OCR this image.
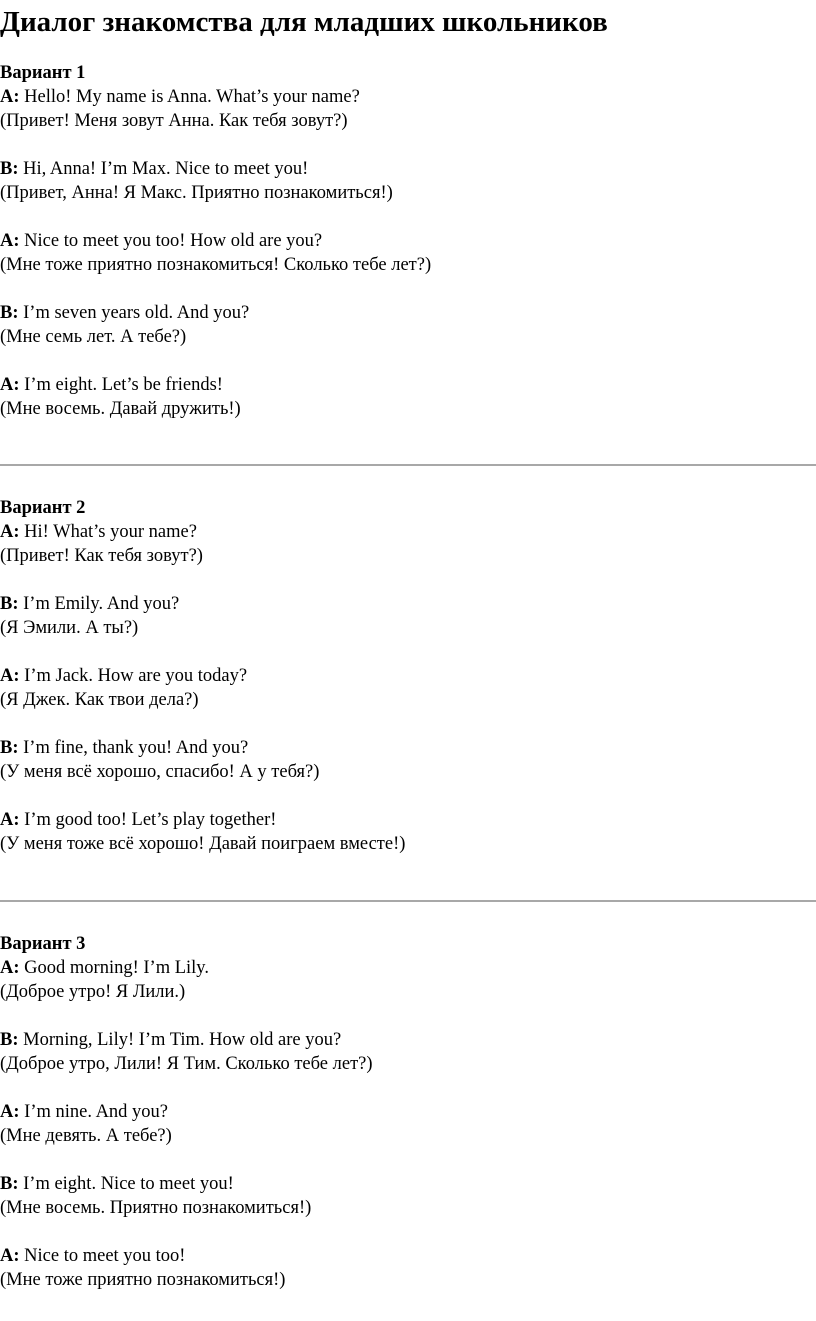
Диалог знакомства для младших школьников
Вариант 1
A: Hello! My name is Anna. What’s your name?
(Привет! Меня зовут Анна. Как тебя зовут?)
B: Hi, Anna! I’m Max. Nice to meet you!
(Привет, Анна! Я Макс. Приятно познакомиться!)
A: Nice to meet you too! How old are you?
(Мне тоже приятно познакомиться! Сколько тебе лет?)
B: I’m seven years old. And you?
(Мне семь лет. А тебе?)
A: I’m eight. Let’s be friends!
(Мне восемь. Давай дружить!)
Вариант 2
A: Hi! What’s your name?
(Привет! Как тебя зовут?)
B: I’m Emily. And you?
(Я Эмили. А ты?)
A: I’m Jack. How are you today?
(Я Джек. Как твои дела?)
B: I’m fine, thank you! And you?
(У меня всё хорошо, спасибо! А у тебя?)
A: I’m good too! Let’s play together!
(У меня тоже всё хорошо! Давай поиграем вместе!)
Вариант 3
A: Good morning! I’m Lily.
(Доброе утро! Я Лили.)
B: Morning, Lily! I’m Tim. How old are you?
(Доброе утро, Лили! Я Тим. Сколько тебе лет?)
A: I’m nine. And you?
(Мне девять. А тебе?)
B: I’m eight. Nice to meet you!
(Мне восемь. Приятно познакомиться!)
A: Nice to meet you too!
(Мне тоже приятно познакомиться!)
